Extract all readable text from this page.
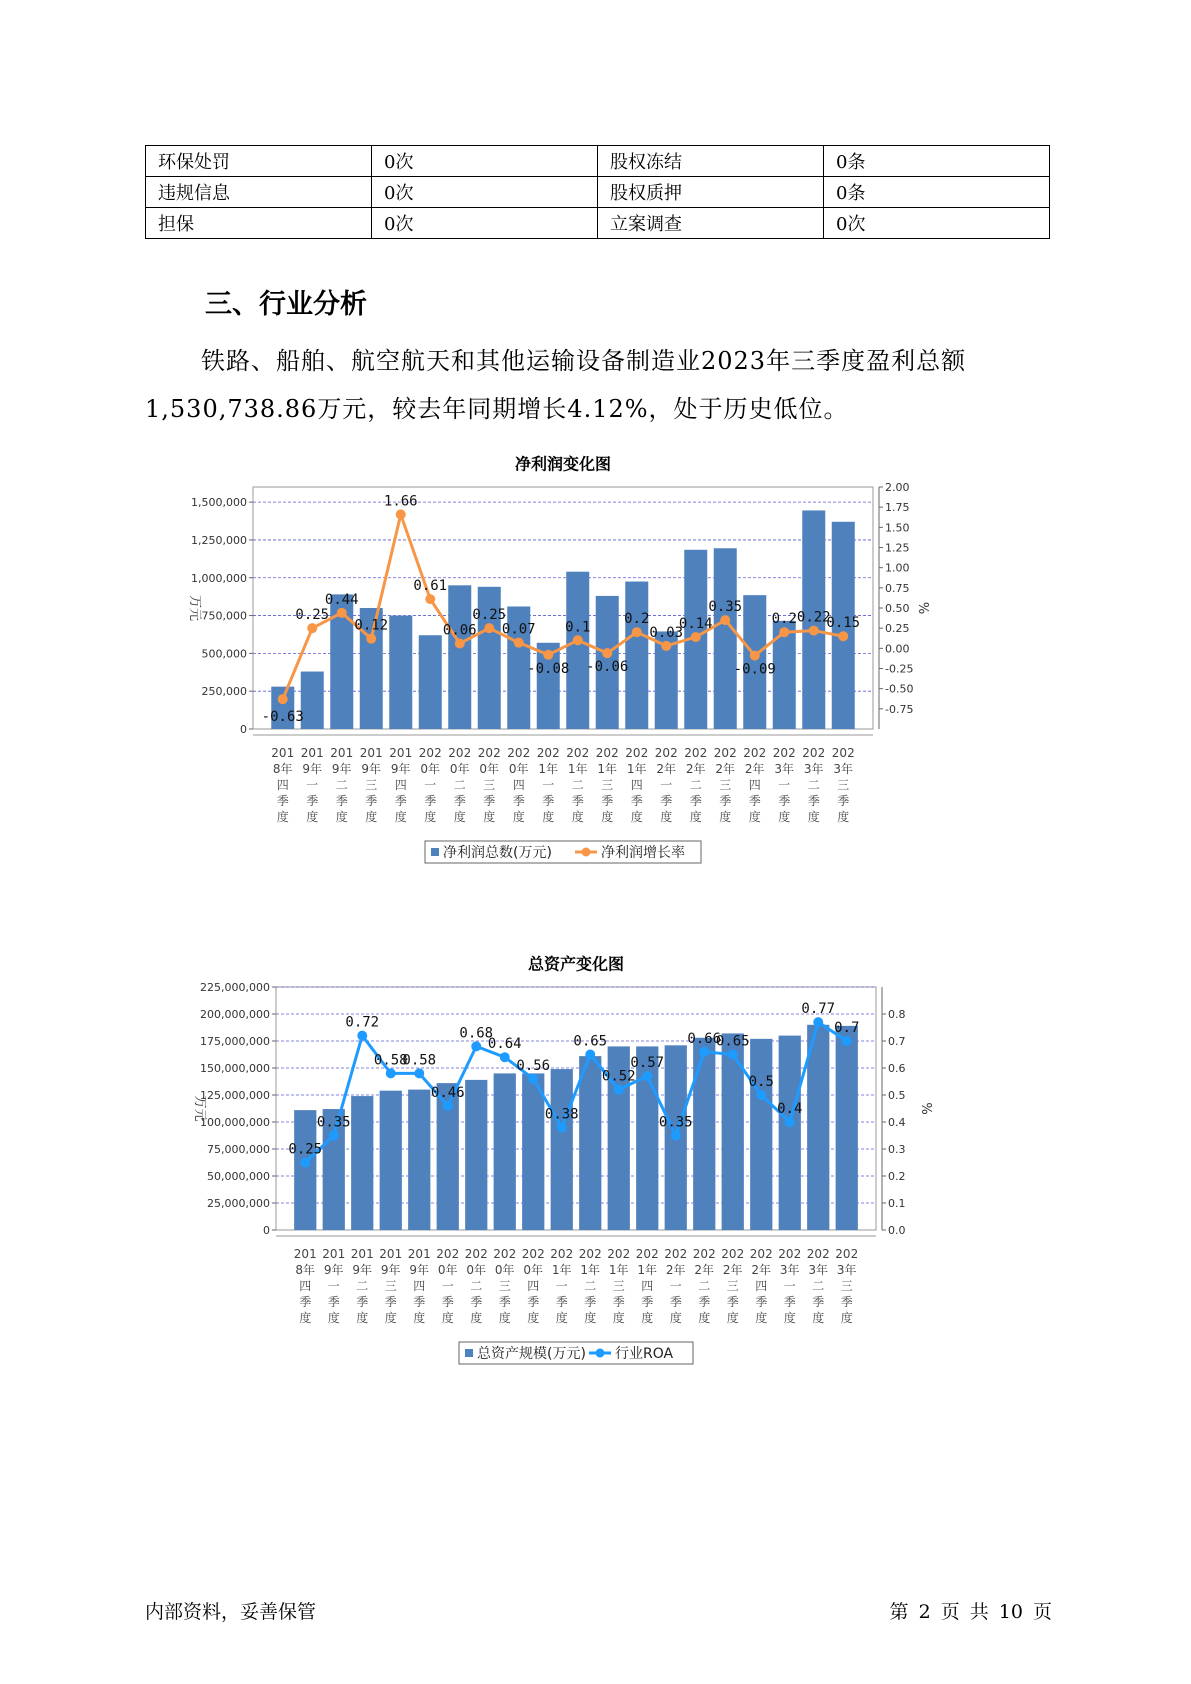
环保处罚	0次	股权冻结	0条
违规信息	0次	股权质押	0条
担保	0次	立案调查	0次
三、行业分析

铁路、船舶、航空航天和其他运输设备制造业2023年三季度盈利总额1,530,738.86万元，较去年同期增长4.12%，处于历史低位。

净利润变化图
0
250,000
500,000
750,000
1,000,000
1,250,000
1,500,000
-0.75
-0.50
-0.25
0.00
0.25
0.50
0.75
1.00
1.25
1.50
1.75
2.00
万元	%
-0.63
0.25
0.44
0.12
1.66
0.61
0.06
0.25
0.07
-0.08
0.1
-0.06
0.2
0.03
0.14
0.35
-0.09
0.2 0.22
0.15
201
8年
四
季
度
201
9年
一
季
度
201
9年
二
季
度
201
9年
三
季
度
201
9年
四
季
度
202
0年
一
季
度
202
0年
二
季
度
202
0年
三
季
度
202
0年
四
季
度
202
1年
一
季
度
202
1年
二
季
度
202
1年
三
季
度
202
1年
四
季
度
202
2年
一
季
度
202
2年
二
季
度
202
2年
三
季
度
202
2年
四
季
度
202
3年
一
季
度
202
3年
二
季
度
202
3年
三
季
度
净利润总数(万元)	净利润增长率
总资产变化图
0
25,000,000
50,000,000
75,000,000
100,000,000
125,000,000
150,000,000
175,000,000
200,000,000
225,000,000
0.0
0.1
0.2
0.3
0.4
0.5
0.6
0.7
0.8
万元	%
0.25
0.35
0.72
0.58
0.58
0.46
0.68
0.64
0.56
0.38
0.65
0.52
0.57
0.35
0.66
0.65
0.5
0.4
0.77
0.7
201
8年
四
季
度
201
9年
一
季
度
201
9年
二
季
度
201
9年
三
季
度
201
9年
四
季
度
202
0年
一
季
度
202
0年
二
季
度
202
0年
三
季
度
202
0年
四
季
度
202
1年
一
季
度
202
1年
二
季
度
202
1年
三
季
度
202
1年
四
季
度
202
2年
一
季
度
202
2年
二
季
度
202
2年
三
季
度
202
2年
四
季
度
202
3年
一
季
度
202
3年
二
季
度
202
3年
三
季
度
总资产规模(万元) 行业ROA

内部资料，妥善保管	第 2 页 共 10 页
